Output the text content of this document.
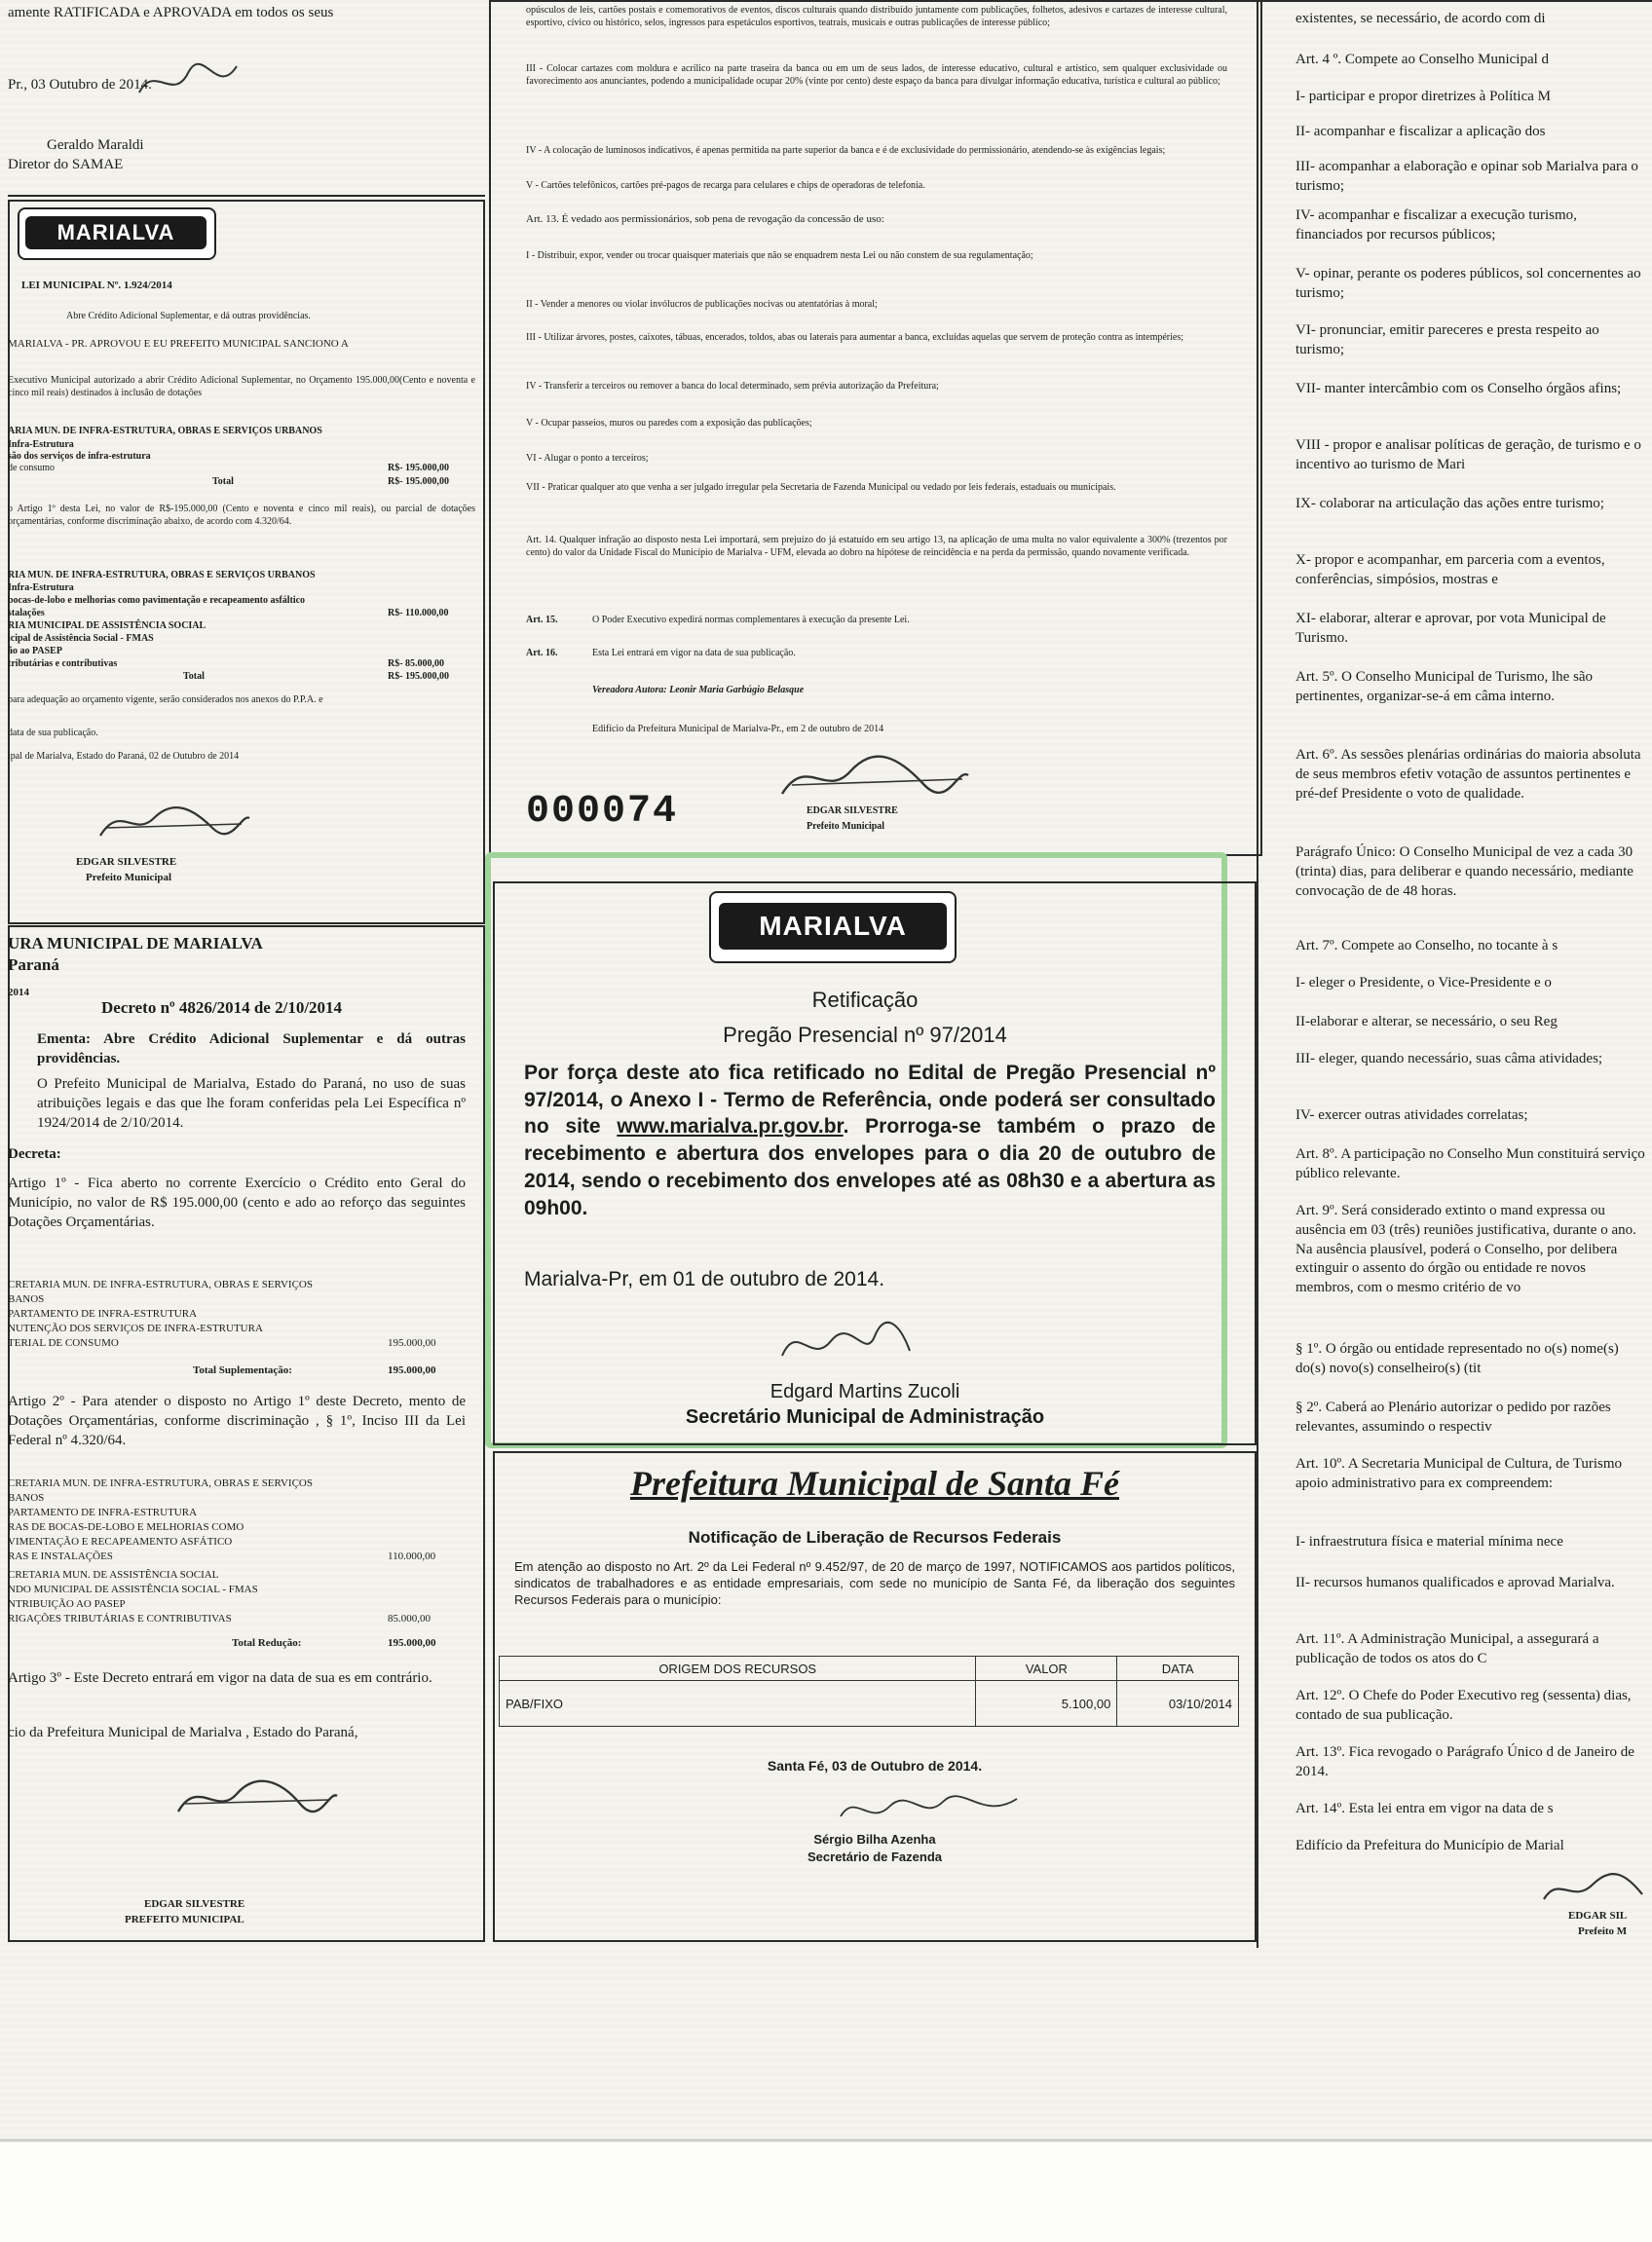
amente RATIFICADA e APROVADA em todos os seus

Pr., 03 Outubro de 2014.

Geraldo Maraldi

Diretor do SAMAE

MARIALVA

LEI MUNICIPAL Nº. 1.924/2014

Abre Crédito Adicional Suplementar, e dá outras providências.

MARIALVA - PR. APROVOU E EU PREFEITO MUNICIPAL SANCIONO A

Executivo Municipal autorizado a abrir Crédito Adicional Suplementar, no Orçamento 195.000,00(Cento e noventa e cinco mil reais) destinados à inclusão de dotações

ARIA MUN. DE INFRA-ESTRUTURA, OBRAS E SERVIÇOS URBANOS

Infra-Estrutura

são dos serviços de infra-estrutura

de consumo	R$- 195.000,00

Total	R$- 195.000,00

o Artigo 1º desta Lei, no valor de R$-195.000,00 (Cento e noventa e cinco mil reais), ou parcial de dotações orçamentárias, conforme discriminação abaixo, de acordo com 4.320/64.

RIA MUN. DE INFRA-ESTRUTURA, OBRAS E SERVIÇOS URBANOS

Infra-Estrutura

bocas-de-lobo e melhorias como pavimentação e recapeamento asfáltico

stalações	R$- 110.000,00

RIA MUNICIPAL DE ASSISTÊNCIA SOCIAL

icipal de Assistência Social - FMAS

ão ao PASEP

tributárias e contributivas	R$- 85.000,00

Total	R$- 195.000,00

para adequação ao orçamento vigente, serão considerados nos anexos do P.P.A. e

data de sua publicação.

ipal de Marialva, Estado do Paraná, 02 de Outubro de 2014

EDGAR SILVESTRE

Prefeito Municipal

URA MUNICIPAL DE MARIALVA

Paraná

2014

Decreto nº 4826/2014 de 2/10/2014

Ementa: Abre Crédito Adicional Suplementar e dá outras providências.

O Prefeito Municipal de Marialva, Estado do Paraná, no uso de suas atribuições legais e das que lhe foram conferidas pela Lei Específica nº 1924/2014 de 2/10/2014.

Decreta:

Artigo 1º - Fica aberto no corrente Exercício o Crédito ento Geral do Município, no valor de R$ 195.000,00 (cento e ado ao reforço das seguintes Dotações Orçamentárias.

CRETARIA MUN. DE INFRA-ESTRUTURA, OBRAS E SERVIÇOS

BANOS

PARTAMENTO DE INFRA-ESTRUTURA

NUTENÇÃO DOS SERVIÇOS DE INFRA-ESTRUTURA

TERIAL DE CONSUMO	195.000,00

Total Suplementação:	195.000,00

Artigo 2º - Para atender o disposto no Artigo 1º deste Decreto, mento de Dotações Orçamentárias, conforme discriminação , § 1º, Inciso III da Lei Federal nº 4.320/64.

CRETARIA MUN. DE INFRA-ESTRUTURA, OBRAS E SERVIÇOS

BANOS

PARTAMENTO DE INFRA-ESTRUTURA

RAS DE BOCAS-DE-LOBO E MELHORIAS COMO

VIMENTAÇÃO E RECAPEAMENTO ASFÁTICO

RAS E INSTALAÇÕES	110.000,00

CRETARIA MUN. DE ASSISTÊNCIA SOCIAL

NDO MUNICIPAL DE ASSISTÊNCIA SOCIAL - FMAS

NTRIBUIÇÃO AO PASEP

RIGAÇÕES TRIBUTÁRIAS E CONTRIBUTIVAS	85.000,00

Total Redução:	195.000,00

Artigo 3º - Este Decreto entrará em vigor na data de sua es em contrário.

cio da Prefeitura Municipal de Marialva , Estado do Paraná,

EDGAR SILVESTRE

PREFEITO MUNICIPAL

opúsculos de leis, cartões postais e comemorativos de eventos, discos culturais quando distribuído juntamente com publicações, folhetos, adesivos e cartazes de interesse cultural, esportivo, cívico ou histórico, selos, ingressos para espetáculos esportivos, teatrais, musicais e outras publicações de interesse público;

III - Colocar cartazes com moldura e acrílico na parte traseira da banca ou em um de seus lados, de interesse educativo, cultural e artístico, sem qualquer exclusividade ou favorecimento aos anunciantes, podendo a municipalidade ocupar 20% (vinte por cento) deste espaço da banca para divulgar informação educativa, turística e cultural ao público;

IV - A colocação de luminosos indicativos, é apenas permitida na parte superior da banca e é de exclusividade do permissionário, atendendo-se às exigências legais;

V - Cartões telefônicos, cartões pré-pagos de recarga para celulares e chips de operadoras de telefonia.

Art. 13. É vedado aos permissionários, sob pena de revogação da concessão de uso:

I - Distribuir, expor, vender ou trocar quaisquer materiais que não se enquadrem nesta Lei ou não constem de sua regulamentação;

II - Vender a menores ou violar invólucros de publicações nocivas ou atentatórias à moral;

III - Utilizar árvores, postes, caixotes, tábuas, encerados, toldos, abas ou laterais para aumentar a banca, excluídas aquelas que servem de proteção contra as intempéries;

IV - Transferir a terceiros ou remover a banca do local determinado, sem prévia autorização da Prefeitura;

V - Ocupar passeios, muros ou paredes com a exposição das publicações;

VI - Alugar o ponto a terceiros;

VII - Praticar qualquer ato que venha a ser julgado irregular pela Secretaria de Fazenda Municipal ou vedado por leis federais, estaduais ou municipais.

Art. 14. Qualquer infração ao disposto nesta Lei importará, sem prejuízo do já estatuído em seu artigo 13, na aplicação de uma multa no valor equivalente a 300% (trezentos por cento) do valor da Unidade Fiscal do Município de Marialva - UFM, elevada ao dobro na hipótese de reincidência e na perda da permissão, quando novamente verificada.

Art. 15.	O Poder Executivo expedirá normas complementares à execução da presente Lei.

Art. 16.	Esta Lei entrará em vigor na data de sua publicação.

Vereadora Autora: Leonir Maria Garbúgio Belasque

Edifício da Prefeitura Municipal de Marialva-Pr., em 2 de outubro de 2014

000074	EDGAR SILVESTRE

Prefeito Municipal

MARIALVA

Retificação

Pregão Presencial nº 97/2014

Por força deste ato fica retificado no Edital de Pregão Presencial nº 97/2014, o Anexo I - Termo de Referência, onde poderá ser consultado no site www.marialva.pr.gov.br. Prorroga-se também o prazo de recebimento e abertura dos envelopes para o dia 20 de outubro de 2014, sendo o recebimento dos envelopes até as 08h30 e a abertura as 09h00.

Marialva-Pr, em 01 de outubro de 2014.

Edgard Martins Zucoli

Secretário Municipal de Administração

Prefeitura Municipal de Santa Fé

Notificação de Liberação de Recursos Federais

Em atenção ao disposto no Art. 2º da Lei Federal nº 9.452/97, de 20 de março de 1997, NOTIFICAMOS aos partidos políticos, sindicatos de trabalhadores e as entidade empresariais, com sede no município de Santa Fé, da liberação dos seguintes Recursos Federais para o município:

ORIGEM DOS RECURSOS	VALOR	DATA
PAB/FIXO	5.100,00	03/10/2014

Santa Fé, 03 de Outubro de 2014.

Sérgio Bilha Azenha

Secretário de Fazenda

existentes, se necessário, de acordo com di

Art. 4 º. Compete ao Conselho Municipal d

I- participar e propor diretrizes à Política M

II- acompanhar e fiscalizar a aplicação dos

III- acompanhar a elaboração e opinar sob Marialva para o turismo;

IV- acompanhar e fiscalizar a execução turismo, financiados por recursos públicos;

V- opinar, perante os poderes públicos, sol concernentes ao turismo;

VI- pronunciar, emitir pareceres e presta respeito ao turismo;

VII- manter intercâmbio com os Conselho órgãos afins;

VIII - propor e analisar políticas de geração, de turismo e o incentivo ao turismo de Mari

IX- colaborar na articulação das ações entre turismo;

X- propor e acompanhar, em parceria com a eventos, conferências, simpósios, mostras e

XI- elaborar, alterar e aprovar, por vota Municipal de Turismo.

Art. 5º. O Conselho Municipal de Turismo, lhe são pertinentes, organizar-se-á em câma interno.

Art. 6º. As sessões plenárias ordinárias do maioria absoluta de seus membros efetiv votação de assuntos pertinentes e pré-def Presidente o voto de qualidade.

Parágrafo Único: O Conselho Municipal de vez a cada 30 (trinta) dias, para deliberar e quando necessário, mediante convocação de de 48 horas.

Art. 7º. Compete ao Conselho, no tocante à s

I- eleger o Presidente, o Vice-Presidente e o

II-elaborar e alterar, se necessário, o seu Reg

III- eleger, quando necessário, suas câma atividades;

IV- exercer outras atividades correlatas;

Art. 8º. A participação no Conselho Mun constituirá serviço público relevante.

Art. 9º. Será considerado extinto o mand expressa ou ausência em 03 (três) reuniões justificativa, durante o ano. Na ausência plausível, poderá o Conselho, por delibera extinguir o assento do órgão ou entidade re novos membros, com o mesmo critério de vo

§ 1º. O órgão ou entidade representado no o(s) nome(s) do(s) novo(s) conselheiro(s) (tit

§ 2º. Caberá ao Plenário autorizar o pedido por razões relevantes, assumindo o respectiv

Art. 10º. A Secretaria Municipal de Cultura, de Turismo apoio administrativo para ex compreendem:

I- infraestrutura física e material mínima nece

II- recursos humanos qualificados e aprovad Marialva.

Art. 11º. A Administração Municipal, a assegurará a publicação de todos os atos do C

Art. 12º. O Chefe do Poder Executivo reg (sessenta) dias, contado de sua publicação.

Art. 13º. Fica revogado o Parágrafo Único d de Janeiro de 2014.

Art. 14º. Esta lei entra em vigor na data de s

Edifício da Prefeitura do Município de Marial

EDGAR SIL

Prefeito M
